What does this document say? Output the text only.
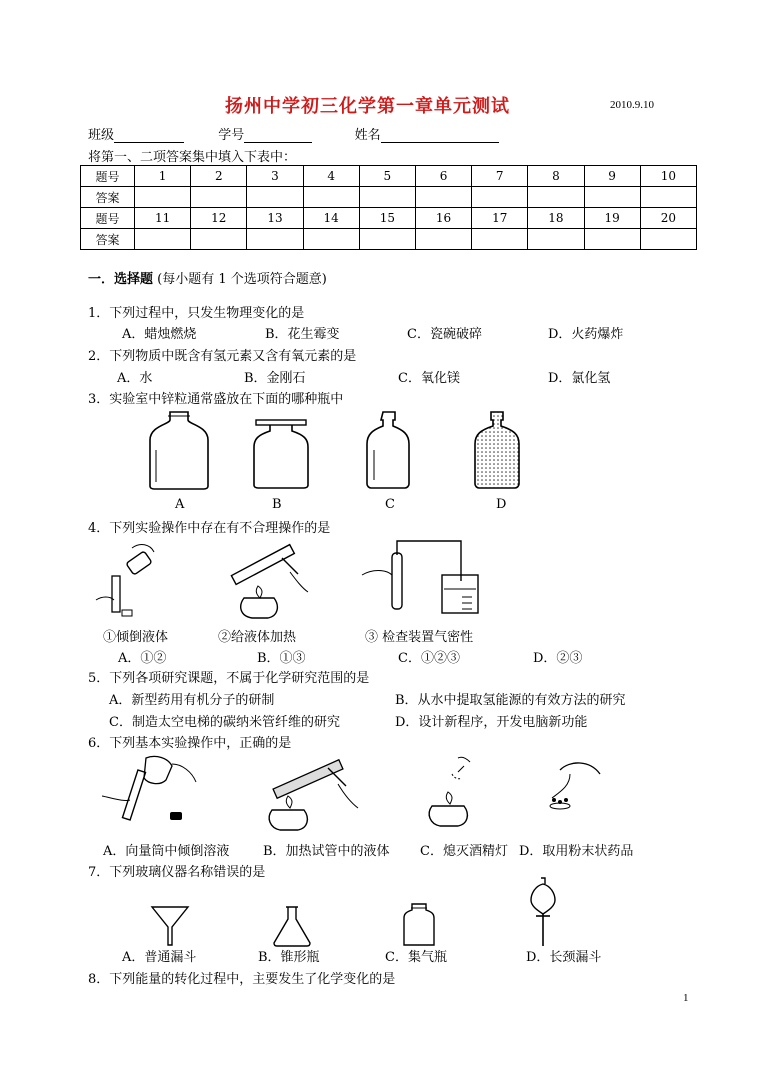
扬州中学初三化学第一章单元测试	2010.9.10
班级	学号	姓名
将第一、二项答案集中填入下表中：
题号	1	2	3	4	5	6	7	8	9	10
答案										
题号	11	12	13	14	15	16	17	18	19	20
答案										
一．选择题 (每小题有 1 个选项符合题意)
1．下列过程中，只发生物理变化的是
A．蜡烛燃烧	B．花生霉变	C．瓷碗破碎	D．火药爆炸
2．下列物质中既含有氢元素又含有氧元素的是
A．水	B．金刚石	C．氧化镁	D．氯化氢
3．实验室中锌粒通常盛放在下面的哪种瓶中
A	B	C	D
4．下列实验操作中存在有不合理操作的是
①倾倒液体	②给液体加热	③ 检查装置气密性
A．①②	B．①③	C．①②③	D．②③
5．下列各项研究课题，不属于化学研究范围的是
A．新型药用有机分子的研制	B．从水中提取氢能源的有效方法的研究
C．制造太空电梯的碳纳米管纤维的研究	D．设计新程序，开发电脑新功能
6．下列基本实验操作中，正确的是
A．向量筒中倾倒溶液	B．加热试管中的液体 C．熄灭酒精灯 D．取用粉末状药品
7．下列玻璃仪器名称错误的是
A．普通漏斗	B．锥形瓶	C．集气瓶	D．长颈漏斗
8．下列能量的转化过程中，主要发生了化学变化的是
1
